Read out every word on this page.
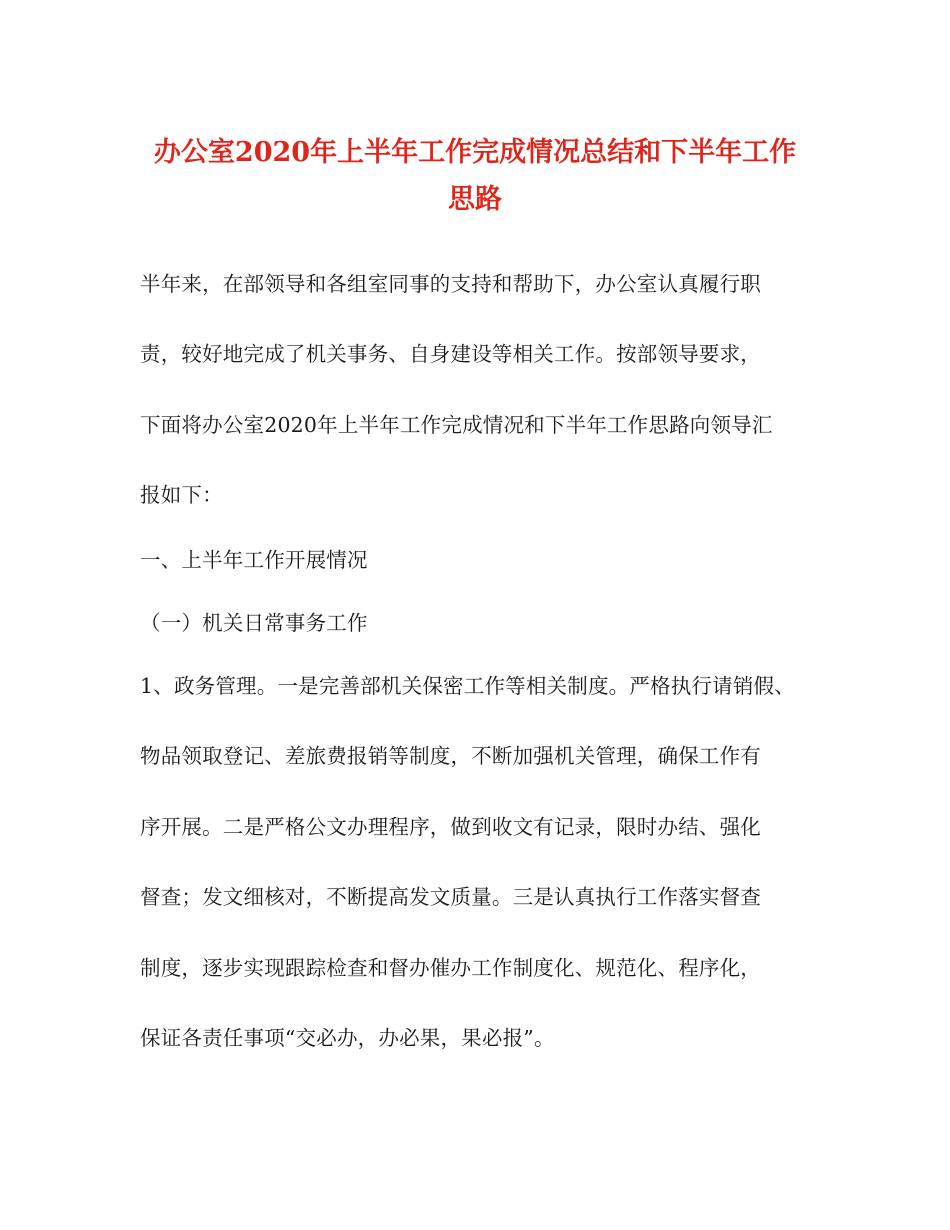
办公室2020年上半年工作完成情况总结和下半年工作
思路
半年来，在部领导和各组室同事的支持和帮助下，办公室认真履行职
责，较好地完成了机关事务、自身建设等相关工作。按部领导要求，
下面将办公室2020年上半年工作完成情况和下半年工作思路向领导汇
报如下：
一、上半年工作开展情况
（一）机关日常事务工作
1、政务管理。一是完善部机关保密工作等相关制度。严格执行请销假、
物品领取登记、差旅费报销等制度，不断加强机关管理，确保工作有
序开展。二是严格公文办理程序，做到收文有记录，限时办结、强化
督查；发文细核对，不断提高发文质量。三是认真执行工作落实督查
制度，逐步实现跟踪检查和督办催办工作制度化、规范化、程序化，
保证各责任事项“交必办，办必果，果必报”。
